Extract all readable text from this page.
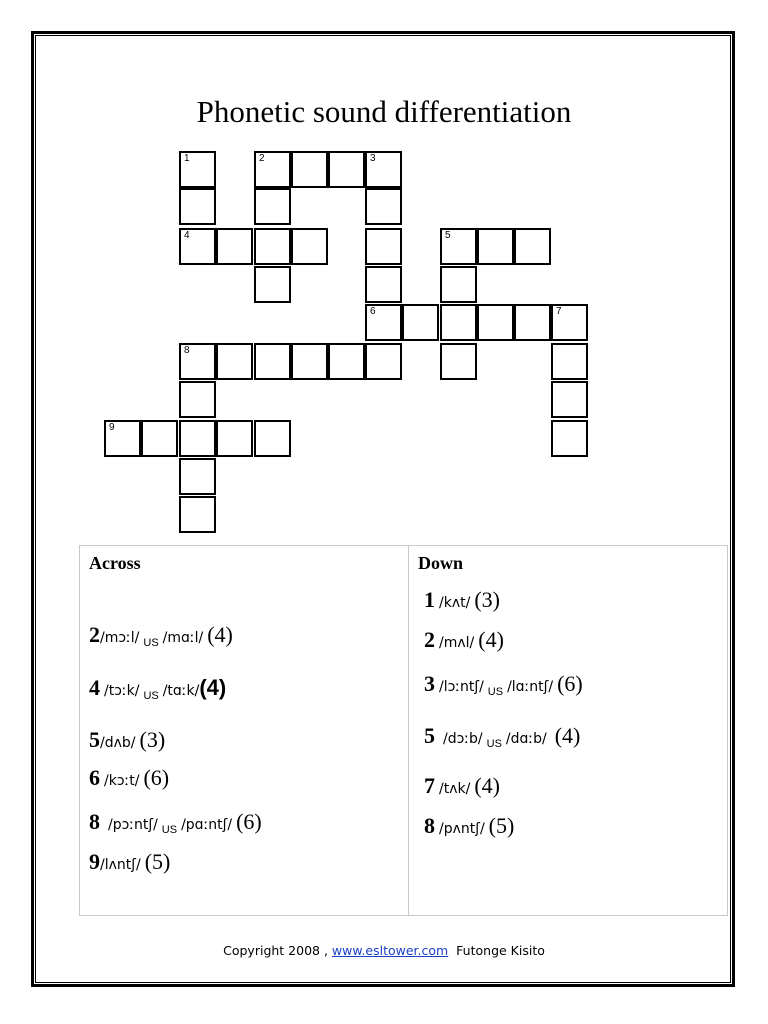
Phonetic sound differentiation
1	2	3
4	5
6	7
8
9
Across
2/mɔːl/ $_{US}$ /mɑːl/ (4)
4 /tɔːk/ $_{US}$ /tɑːk/(4)
5/dʌb/ (3)
6 /kɔːt/ (6)
8 /pɔːntʃ/ $_{US}$ /pɑːntʃ/ (6)
9/lʌntʃ/ (5)
Down
1 /kʌt/ (3)
2 /mʌl/ (4)
3 /lɔːntʃ/ $_{US}$ /lɑːntʃ/ (6)
5 /dɔːb/ $_{US}$ /dɑːb/ (4)
7 /tʌk/ (4)
8 /pʌntʃ/ (5)
Copyright 2008 , www.esltower.com Futonge Kisito
